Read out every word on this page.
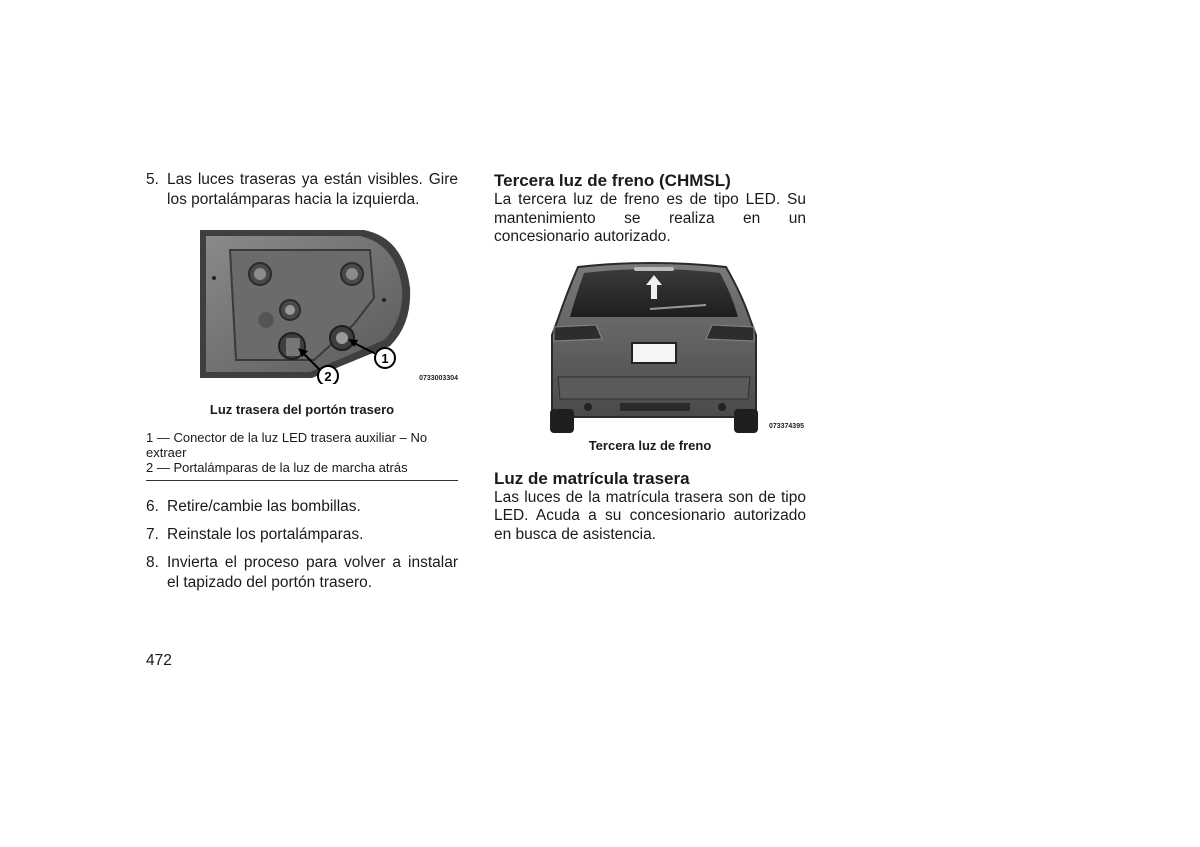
5. Las luces traseras ya están visibles. Gire los portalámparas hacia la izquierda.

1
2	0733003304
Luz trasera del portón trasero
1 — Conector de la luz LED trasera auxiliar – No extraer
2 — Portalámparas de la luz de marcha atrás

6. Retire/cambie las bombillas.

7. Reinstale los portalámparas.

8. Invierta el proceso para volver a instalar el tapizado del portón trasero.

Tercera luz de freno (CHMSL)

La tercera luz de freno es de tipo LED. Su mantenimiento se realiza en un concesionario autorizado.

073374395
Tercera luz de freno
Luz de matrícula trasera

Las luces de la matrícula trasera son de tipo LED. Acuda a su concesionario autorizado en busca de asistencia.

472
